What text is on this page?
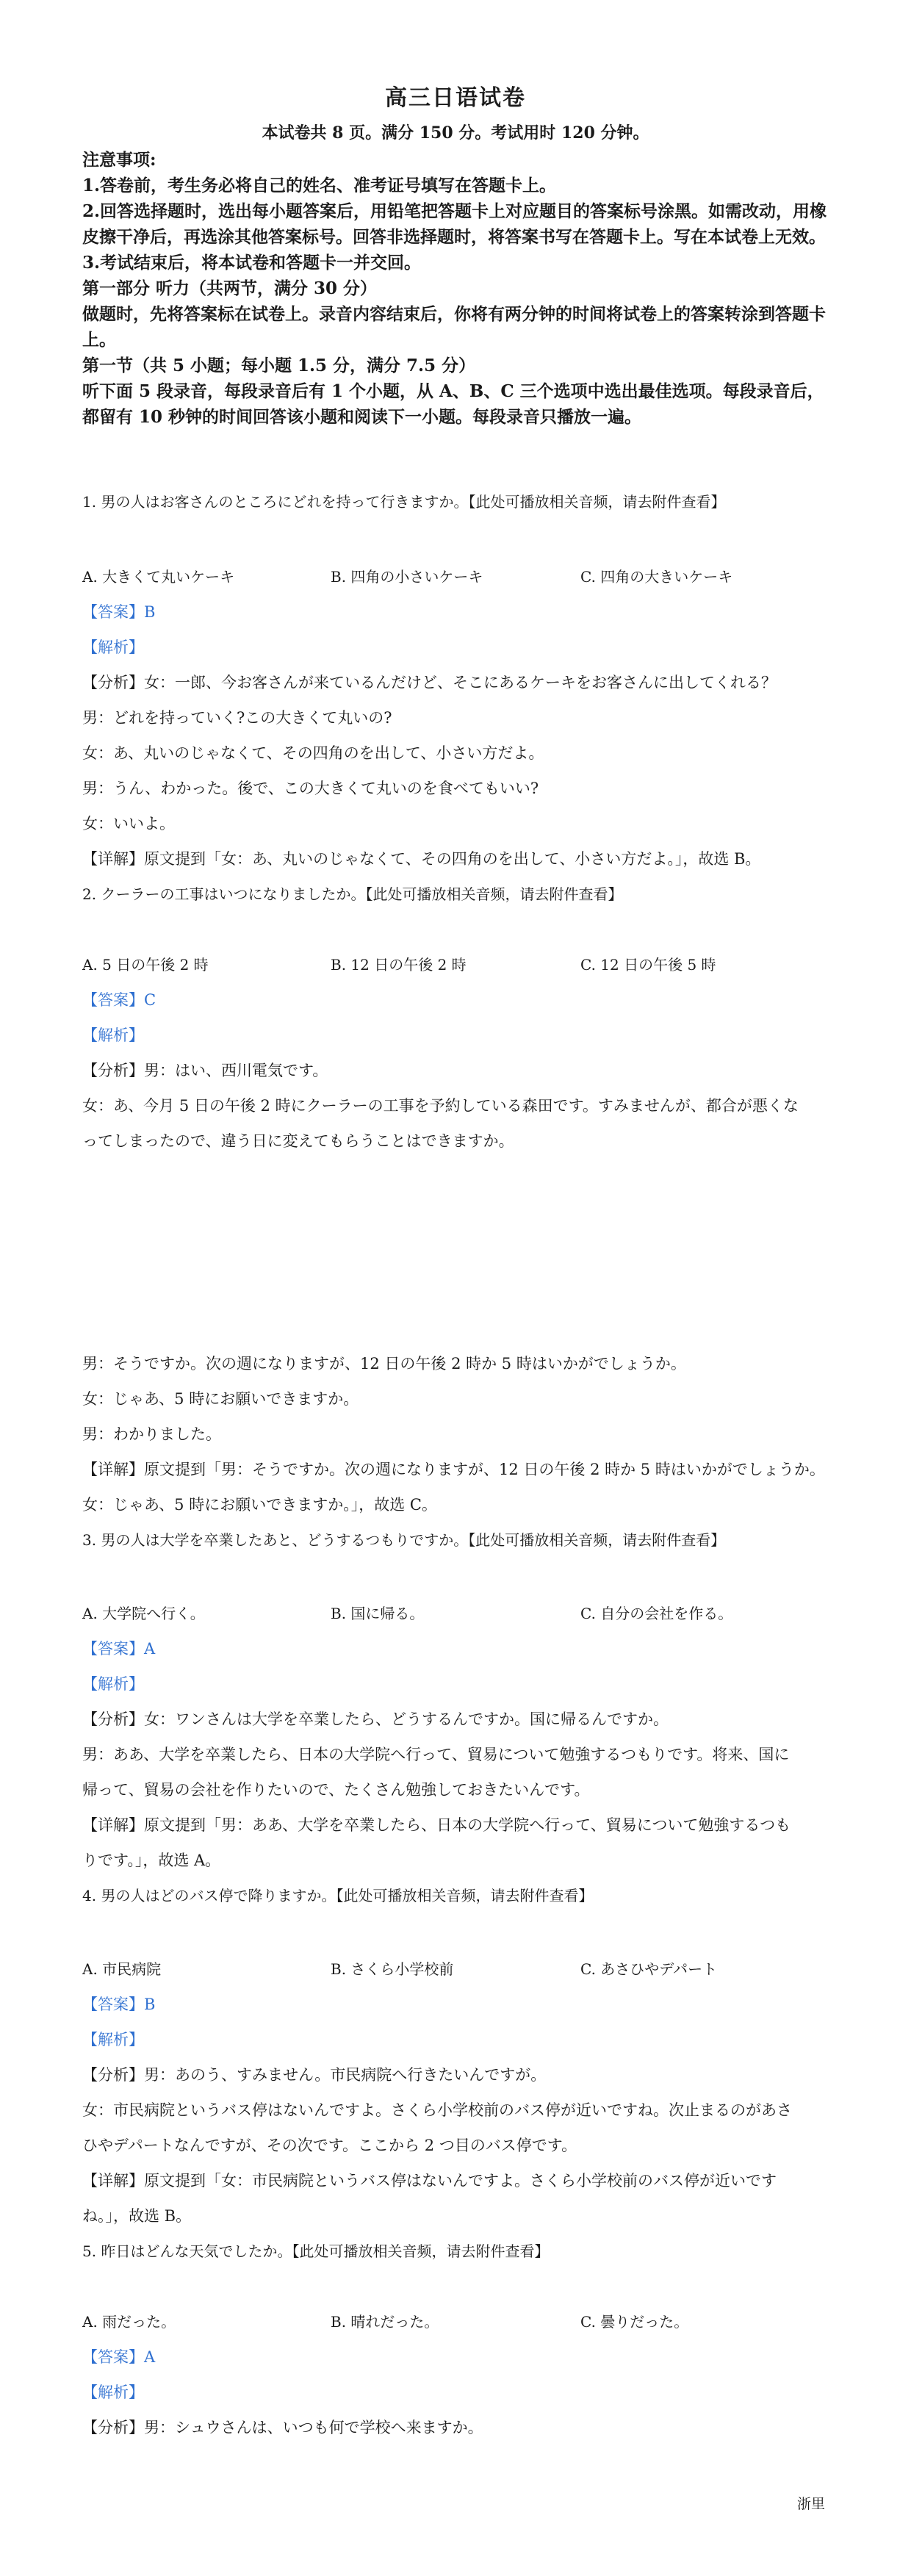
高三日语试卷
本试卷共 8 页。满分 150 分。考试用时 120 分钟。

注意事项:

1.答卷前，考生务必将自己的姓名、准考证号填写在答题卡上。

2.回答选择题时，选出每小题答案后，用铅笔把答题卡上对应题目的答案标号涂黑。如需改动，用橡皮擦干净后，再选涂其他答案标号。回答非选择题时，将答案书写在答题卡上。写在本试卷上无效。

3.考试结束后，将本试卷和答题卡一并交回。

第一部分 听力（共两节，满分 30 分）

做题时，先将答案标在试卷上。录音内容结束后，你将有两分钟的时间将试卷上的答案转涂到答题卡上。

第一节（共 5 小题；每小题 1.5 分，满分 7.5 分）

听下面 5 段录音，每段录音后有 1 个小题，从 A、B、C 三个选项中选出最佳选项。每段录音后，都留有 10 秒钟的时间回答该小题和阅读下一小题。每段录音只播放一遍。

1. 男の人はお客さんのところにどれを持って行きますか。【此处可播放相关音频，请去附件查看】
A. 大きくて丸いケーキ	B. 四角の小さいケーキ	C. 四角の大きいケーキ
【答案】B
【解析】
【分析】女：一郎、今お客さんが来ているんだけど、そこにあるケーキをお客さんに出してくれる？
男：どれを持っていく?この大きくて丸いの?
女：あ、丸いのじゃなくて、その四角のを出して、小さい方だよ。
男：うん、わかった。後で、この大きくて丸いのを食べてもいい?
女：いいよ。
【详解】原文提到「女：あ、丸いのじゃなくて、その四角のを出して、小さい方だよ。」，故选 B。
2. クーラーの工事はいつになりましたか。【此处可播放相关音频，请去附件查看】
A. 5 日の午後 2 時	B. 12 日の午後 2 時	C. 12 日の午後 5 時
【答案】C
【解析】
【分析】男：はい、西川電気です。
女：あ、今月 5 日の午後 2 時にクーラーの工事を予約している森田です。すみませんが、都合が悪くな
ってしまったので、違う日に変えてもらうことはできますか。
男：そうですか。次の週になりますが、12 日の午後 2 時か 5 時はいかがでしょうか。
女：じゃあ、5 時にお願いできますか。
男：わかりました。
【详解】原文提到「男：そうですか。次の週になりますが、12 日の午後 2 時か 5 時はいかがでしょうか。
女：じゃあ、5 時にお願いできますか。」，故选 C。
3. 男の人は大学を卒業したあと、どうするつもりですか。【此处可播放相关音频，请去附件查看】
A. 大学院へ行く。	B. 国に帰る。	C. 自分の会社を作る。
【答案】A
【解析】
【分析】女：ワンさんは大学を卒業したら、どうするんですか。国に帰るんですか。
男：ああ、大学を卒業したら、日本の大学院へ行って、貿易について勉強するつもりです。将来、国に
帰って、貿易の会社を作りたいので、たくさん勉強しておきたいんです。
【详解】原文提到「男：ああ、大学を卒業したら、日本の大学院へ行って、貿易について勉強するつも
りです。」，故选 A。
4. 男の人はどのバス停で降りますか。【此处可播放相关音频，请去附件查看】
A. 市民病院	B. さくら小学校前	C. あさひやデパート
【答案】B
【解析】
【分析】男：あのう、すみません。市民病院へ行きたいんですが。
女：市民病院というバス停はないんですよ。さくら小学校前のバス停が近いですね。次止まるのがあさ
ひやデパートなんですが、その次です。ここから 2 つ目のバス停です。
【详解】原文提到「女：市民病院というバス停はないんですよ。さくら小学校前のバス停が近いです
ね。」，故选 B。
5. 昨日はどんな天気でしたか。【此处可播放相关音频，请去附件查看】
A. 雨だった。	B. 晴れだった。	C. 曇りだった。
【答案】A
【解析】
【分析】男：シュウさんは、いつも何で学校へ来ますか。
浙里
